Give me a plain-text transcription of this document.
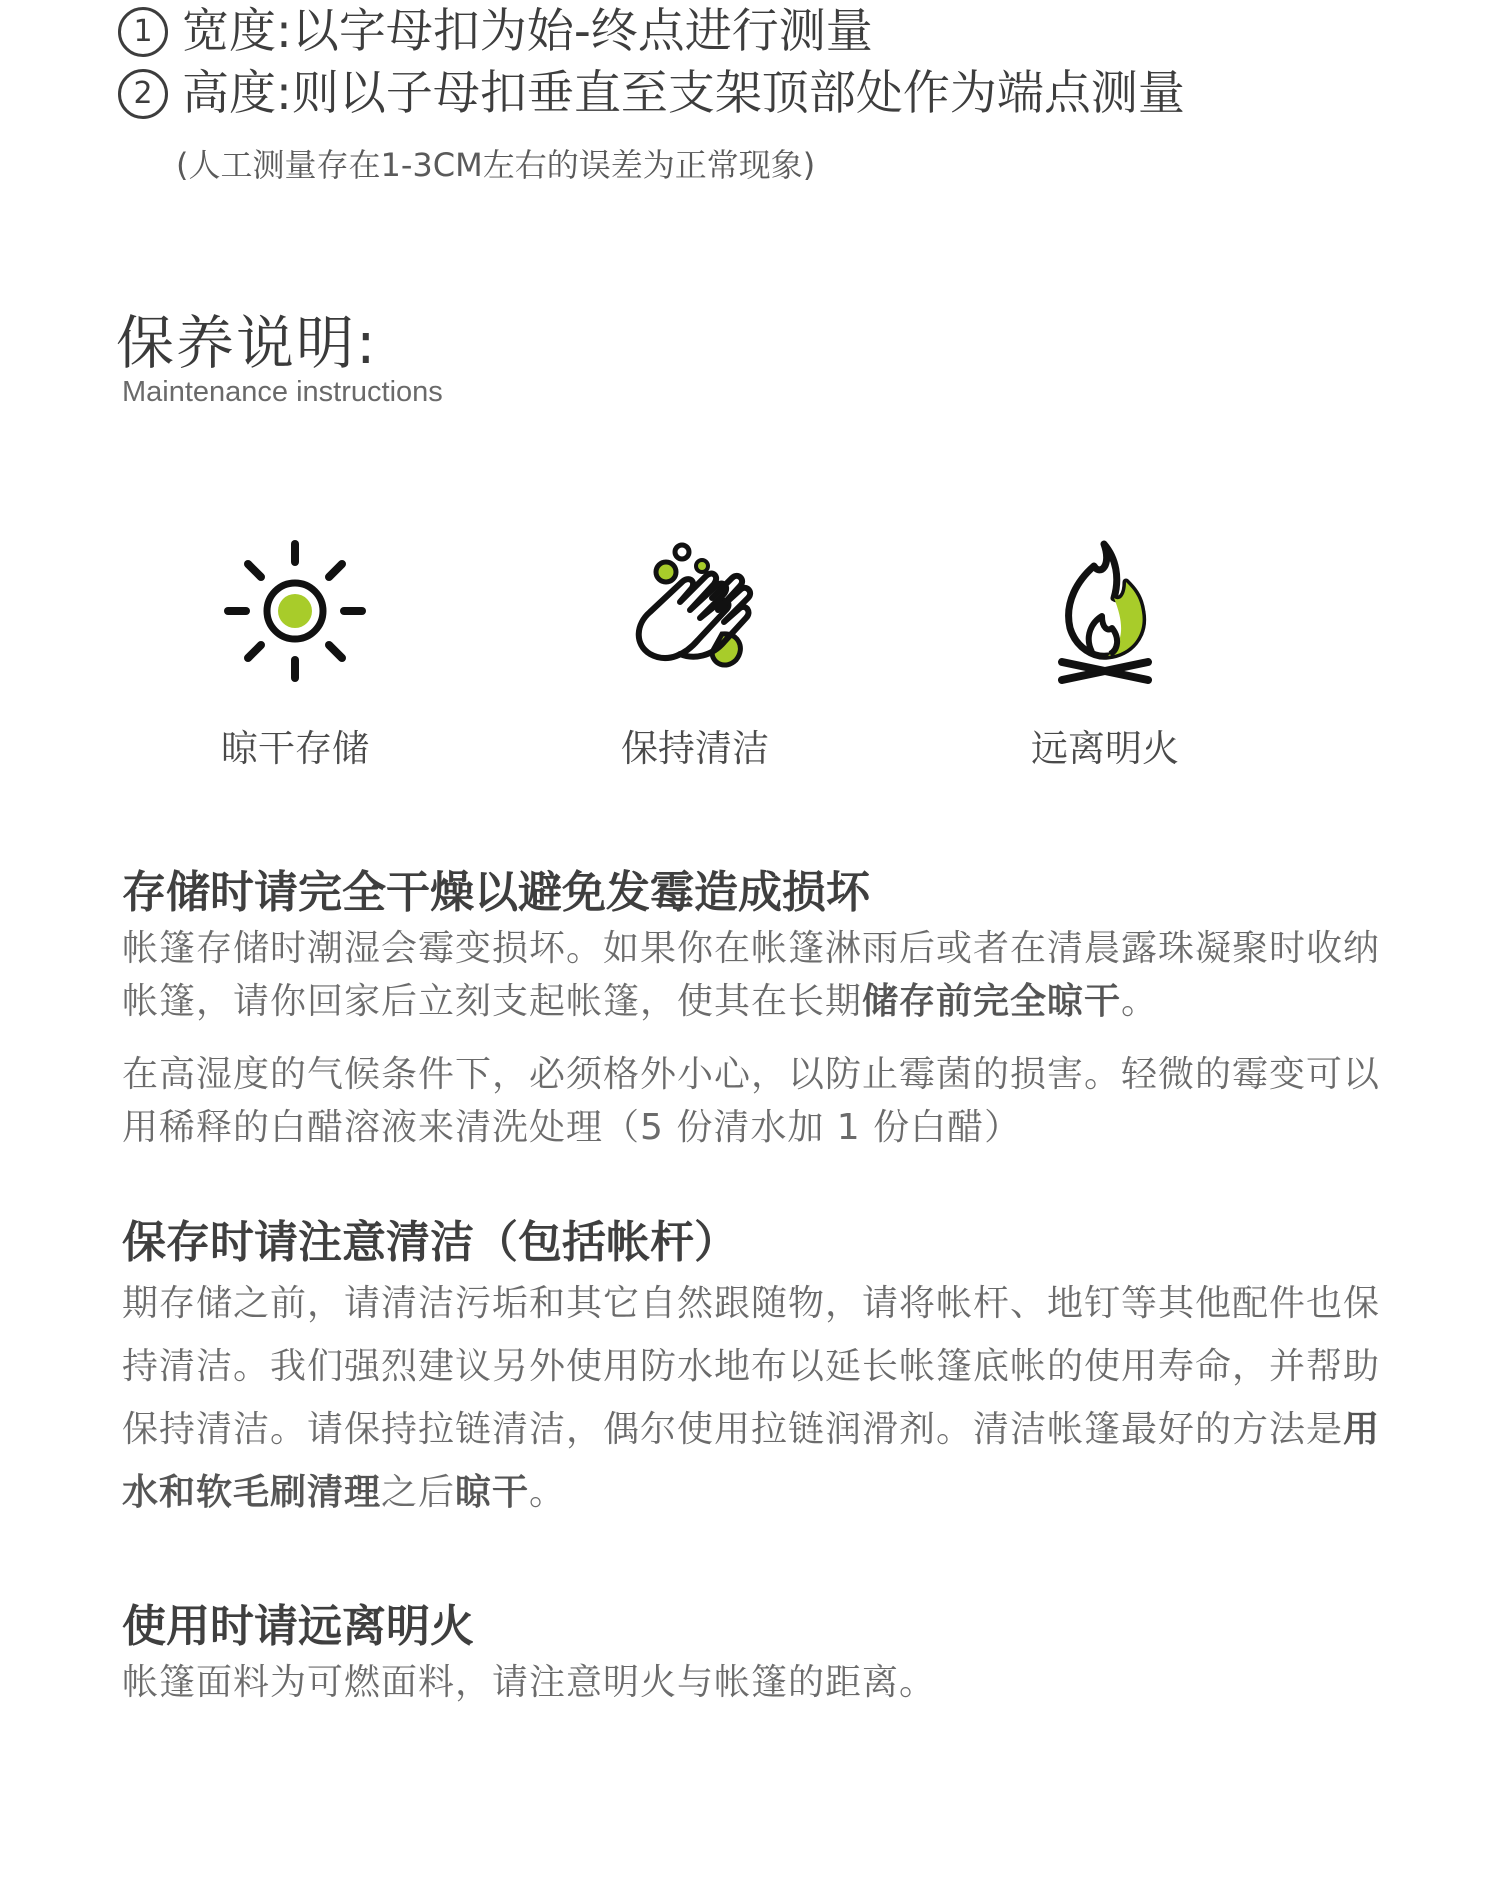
1 宽度:以字母扣为始-终点进行测量
2 高度:则以子母扣垂直至支架顶部处作为端点测量
(人工测量存在1-3CM左右的误差为正常现象)
保养说明:
Maintenance instructions
晾干存储	保持清洁	远离明火
存储时请完全干燥以避免发霉造成损坏
帐篷存储时潮湿会霉变损坏。如果你在帐篷淋雨后或者在清晨露珠凝聚时收纳帐篷，请你回家后立刻支起帐篷，使其在长期储存前完全晾干。
在高湿度的气候条件下，必须格外小心，以防止霉菌的损害。轻微的霉变可以用稀释的白醋溶液来清洗处理（5 份清水加 1 份白醋）
保存时请注意清洁（包括帐杆）
期存储之前，请清洁污垢和其它自然跟随物，请将帐杆、地钉等其他配件也保持清洁。我们强烈建议另外使用防水地布以延长帐篷底帐的使用寿命，并帮助保持清洁。请保持拉链清洁，偶尔使用拉链润滑剂。清洁帐篷最好的方法是用水和软毛刷清理之后晾干。
使用时请远离明火
帐篷面料为可燃面料，请注意明火与帐篷的距离。
